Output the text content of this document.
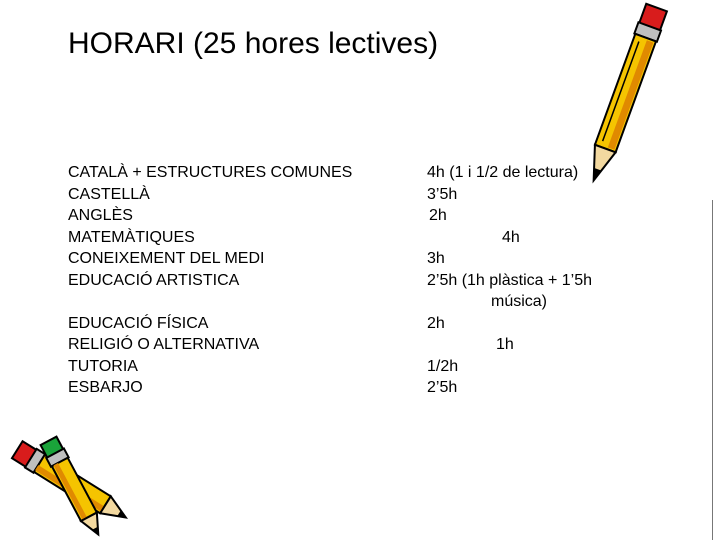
HORARI (25 hores lectives)
CATALÀ + ESTRUCTURES COMUNES
CASTELLÀ
ANGLÈS
MATEMÀTIQUES
CONEIXEMENT DEL MEDI
EDUCACIÓ ARTISTICA
EDUCACIÓ FÍSICA
RELIGIÓ O ALTERNATIVA
TUTORIA
ESBARJO
4h (1 i 1/2 de lectura)
3’5h
2h
4h
3h
2’5h (1h plàstica + 1’5h
música)
2h
1h
1/2h
2’5h
